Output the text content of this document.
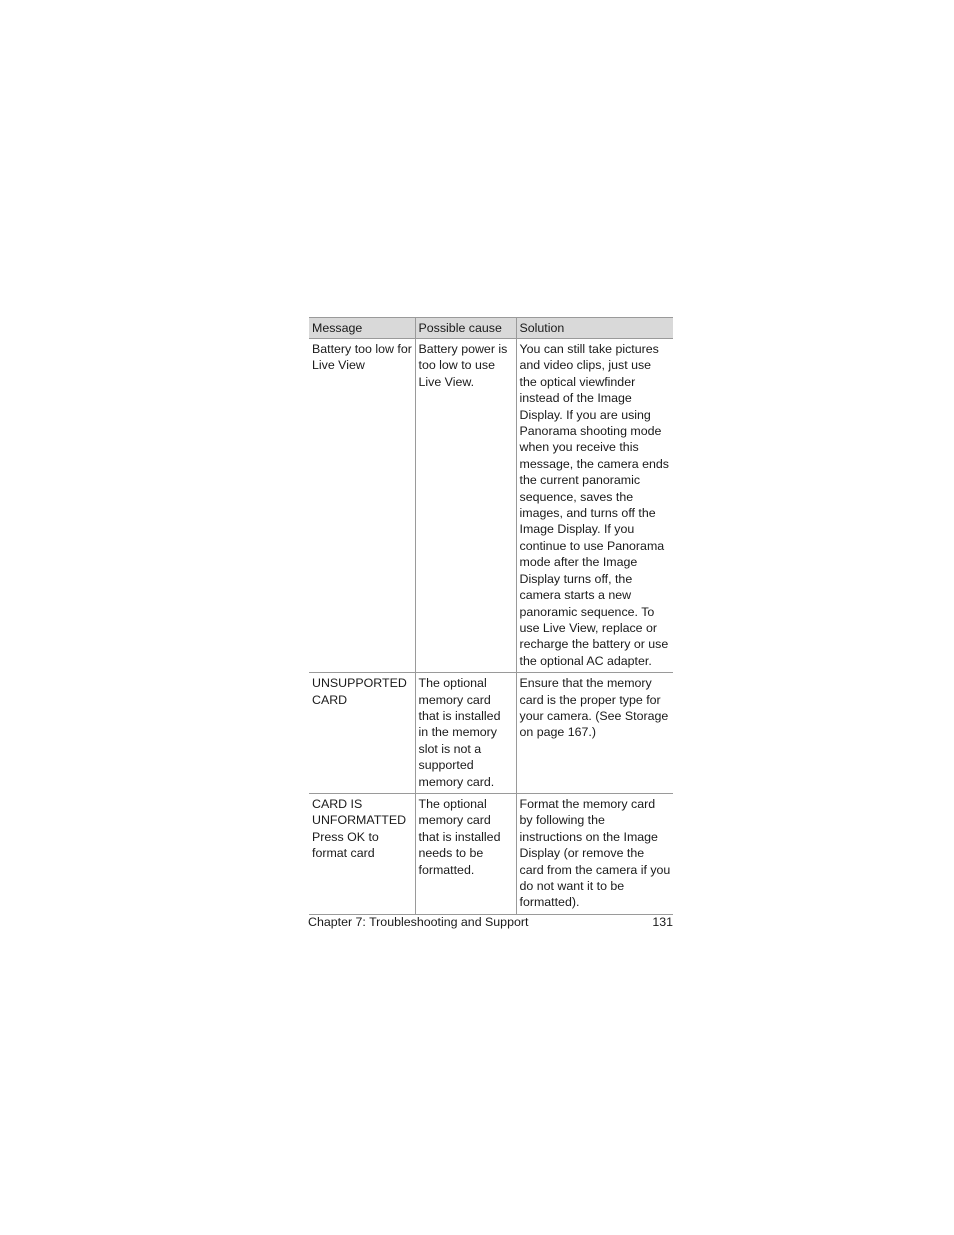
Message	Possible cause	Solution
Battery too low for Live View	Battery power is too low to use Live View.	You can still take pictures and video clips, just use the optical viewfinder instead of the Image Display. If you are using Panorama shooting mode when you receive this message, the camera ends the current panoramic sequence, saves the images, and turns off the Image Display. If you continue to use Panorama mode after the Image Display turns off, the camera starts a new panoramic sequence. To use Live View, replace or recharge the battery or use the optional AC adapter.
UNSUPPORTED CARD	The optional memory card that is installed in the memory slot is not a supported memory card.	Ensure that the memory card is the proper type for your camera. (See Storage on page 167.)
CARD IS UNFORMATTED Press OK to format card	The optional memory card that is installed needs to be formatted.	Format the memory card by following the instructions on the Image Display (or remove the card from the camera if you do not want it to be formatted).
Chapter 7: Troubleshooting and Support	131
